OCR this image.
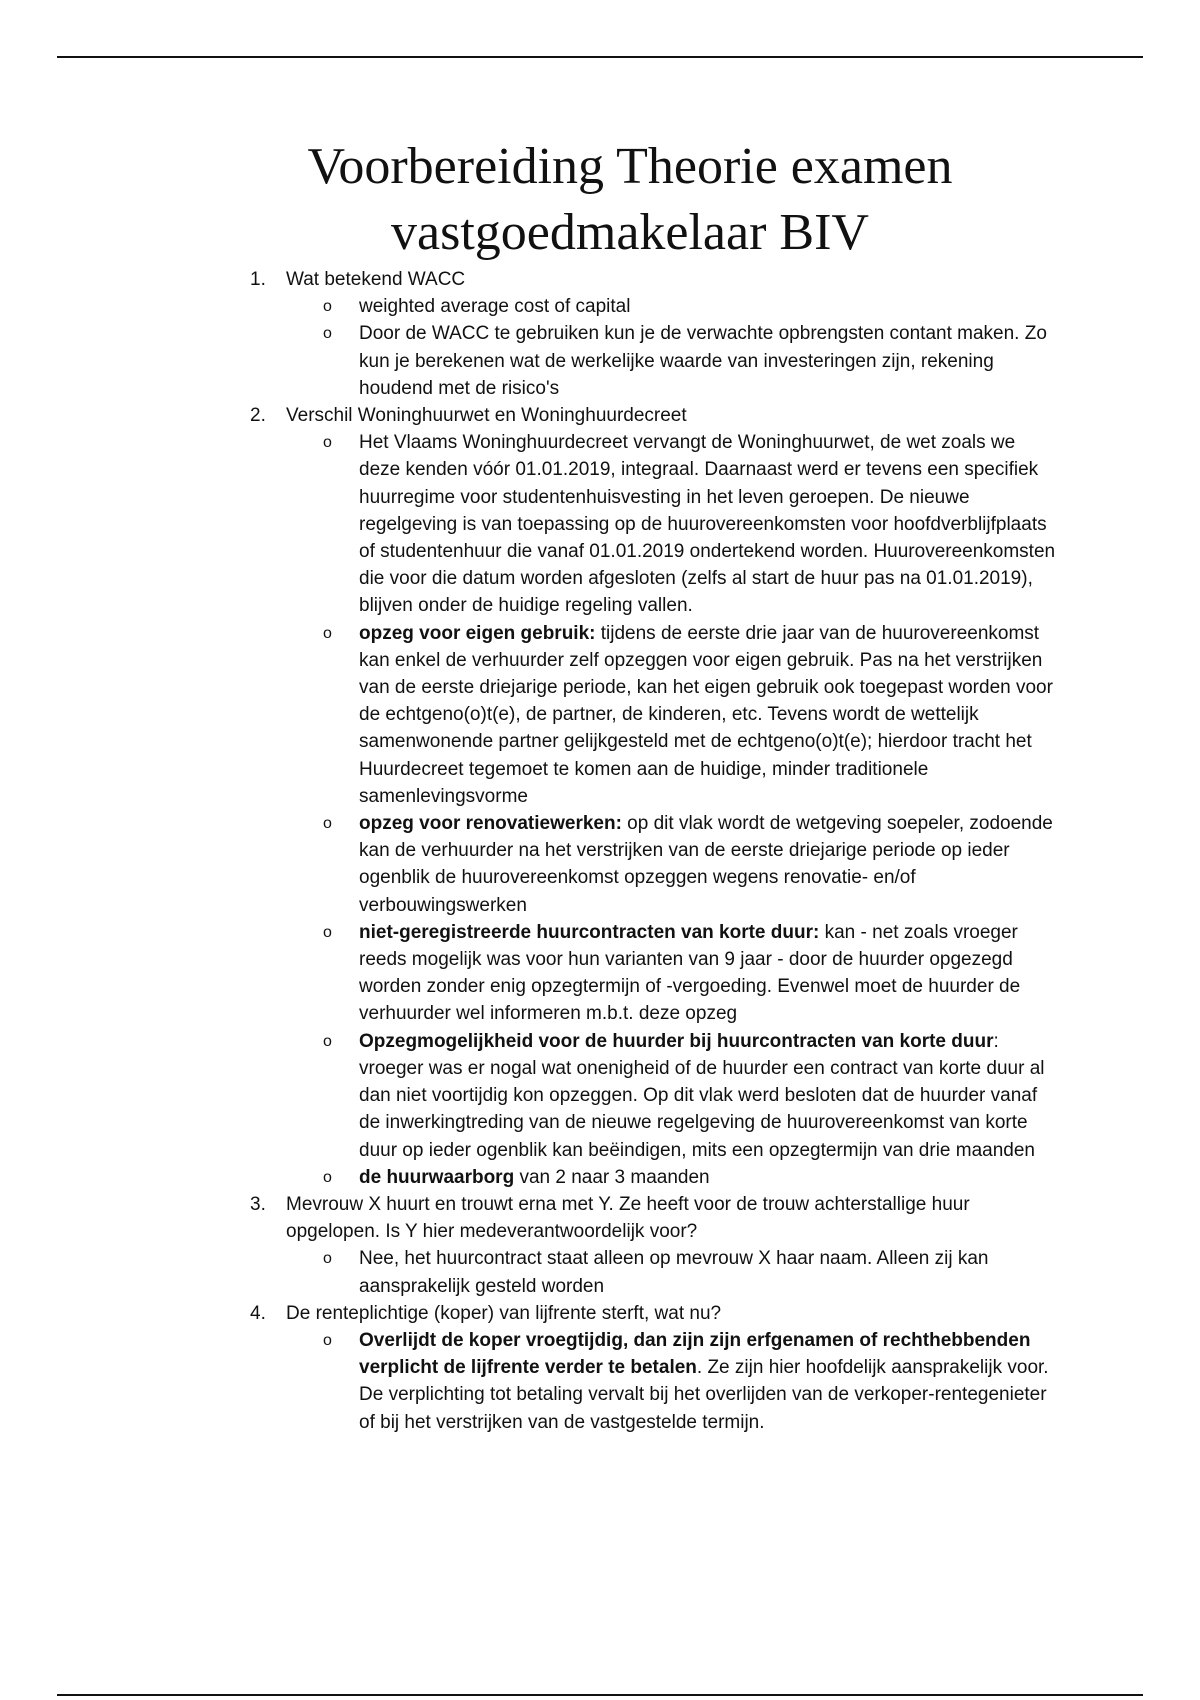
Voorbereiding Theorie examen
vastgoedmakelaar BIV
1. Wat betekend WACC
o weighted average cost of capital
o Door de WACC te gebruiken kun je de verwachte opbrengsten contant maken. Zo kun je berekenen wat de werkelijke waarde van investeringen zijn, rekening houdend met de risico's
2. Verschil Woninghuurwet en Woninghuurdecreet
o Het Vlaams Woninghuurdecreet vervangt de Woninghuurwet, de wet zoals we deze kenden vóór 01.01.2019, integraal. Daarnaast werd er tevens een specifiek huurregime voor studentenhuisvesting in het leven geroepen. De nieuwe regelgeving is van toepassing op de huurovereenkomsten voor hoofdverblijfplaats of studentenhuur die vanaf 01.01.2019 ondertekend worden. Huurovereenkomsten die voor die datum worden afgesloten (zelfs al start de huur pas na 01.01.2019), blijven onder de huidige regeling vallen.
o opzeg voor eigen gebruik: tijdens de eerste drie jaar van de huurovereenkomst kan enkel de verhuurder zelf opzeggen voor eigen gebruik. Pas na het verstrijken van de eerste driejarige periode, kan het eigen gebruik ook toegepast worden voor de echtgeno(o)t(e), de partner, de kinderen, etc. Tevens wordt de wettelijk samenwonende partner gelijkgesteld met de echtgeno(o)t(e); hierdoor tracht het Huurdecreet tegemoet te komen aan de huidige, minder traditionele samenlevingsvorme
o opzeg voor renovatiewerken: op dit vlak wordt de wetgeving soepeler, zodoende kan de verhuurder na het verstrijken van de eerste driejarige periode op ieder ogenblik de huurovereenkomst opzeggen wegens renovatie- en/of verbouwingswerken
o niet-geregistreerde huurcontracten van korte duur: kan - net zoals vroeger reeds mogelijk was voor hun varianten van 9 jaar - door de huurder opgezegd worden zonder enig opzegtermijn of -vergoeding. Evenwel moet de huurder de verhuurder wel informeren m.b.t. deze opzeg
o Opzegmogelijkheid voor de huurder bij huurcontracten van korte duur: vroeger was er nogal wat onenigheid of de huurder een contract van korte duur al dan niet voortijdig kon opzeggen. Op dit vlak werd besloten dat de huurder vanaf de inwerkingtreding van de nieuwe regelgeving de huurovereenkomst van korte duur op ieder ogenblik kan beëindigen, mits een opzegtermijn van drie maanden
o de huurwaarborg van 2 naar 3 maanden
3. Mevrouw X huurt en trouwt erna met Y. Ze heeft voor de trouw achterstallige huur opgelopen. Is Y hier medeverantwoordelijk voor?
o Nee, het huurcontract staat alleen op mevrouw X haar naam. Alleen zij kan aansprakelijk gesteld worden
4. De renteplichtige (koper) van lijfrente sterft, wat nu?
o Overlijdt de koper vroegtijdig, dan zijn zijn erfgenamen of rechthebbenden verplicht de lijfrente verder te betalen. Ze zijn hier hoofdelijk aansprakelijk voor. De verplichting tot betaling vervalt bij het overlijden van de verkoper-rentegenieter of bij het verstrijken van de vastgestelde termijn.
